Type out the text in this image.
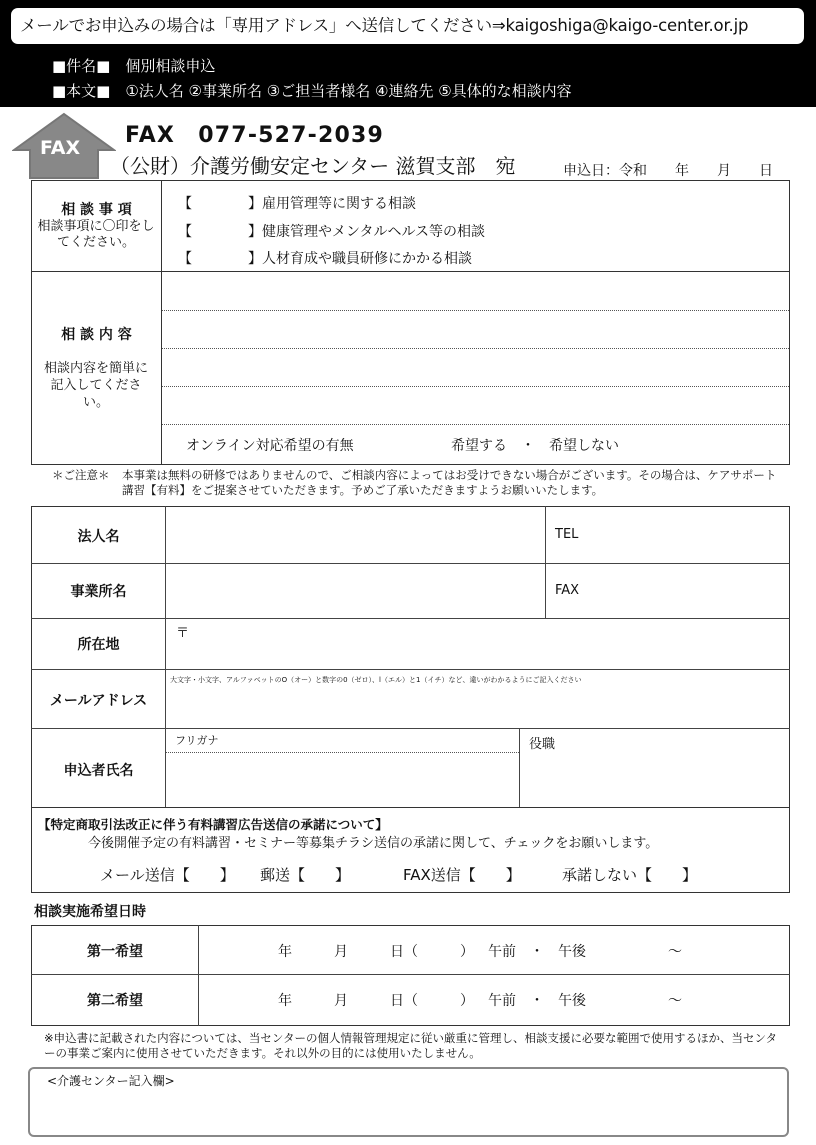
メールでお申込みの場合は「専用アドレス」へ送信してください⇒kaigoshiga@kaigo-center.or.jp
■件名■　個別相談申込
■本文■　①法人名 ②事業所名 ③ご担当者様名 ④連絡先 ⑤具体的な相談内容
FAX FAX　077-527-2039
（公財）介護労働安定センター 滋賀支部　宛	申込日：令和　　年　　月　　日
相 談 事 項
相談事項に〇印をしてください。
【　　　　】雇用管理等に関する相談
【　　　　】健康管理やメンタルヘルス等の相談
【　　　　】人材育成や職員研修にかかる相談
相 談 内 容
相談内容を簡単に記入してください。
オンライン対応希望の有無	希望する　・　希望しない
＊ご注意＊ 本事業は無料の研修ではありませんので、ご相談内容によってはお受けできない場合がございます。その場合は、ケアサポート講習【有料】をご提案させていただきます。予めご了承いただきますようお願いいたします。
法人名	TEL
事業所名	FAX
所在地
〒
メールアドレス
大文字・小文字、アルファベットのO（オー）と数字の0（ゼロ）、l（エル）と1（イチ）など、違いがわかるようにご記入ください
申込者氏名
フリガナ	役職
【特定商取引法改正に伴う有料講習広告送信の承諾について】
今後開催予定の有料講習・セミナー等募集チラシ送信の承諾に関して、チェックをお願いします。
メール送信【　　】 郵送【　　】	FAX送信【　　】	承諾しない【　　】
相談実施希望日時
第一希望	年　　　月　　　日（　　　） 午前　・　午後	～
第二希望	年　　　月　　　日（　　　） 午前　・　午後	～
※申込書に記載された内容については、当センターの個人情報管理規定に従い厳重に管理し、相談支援に必要な範囲で使用するほか、当センターの事業ご案内に使用させていただきます。それ以外の目的には使用いたしません。
<介護センター記入欄>
